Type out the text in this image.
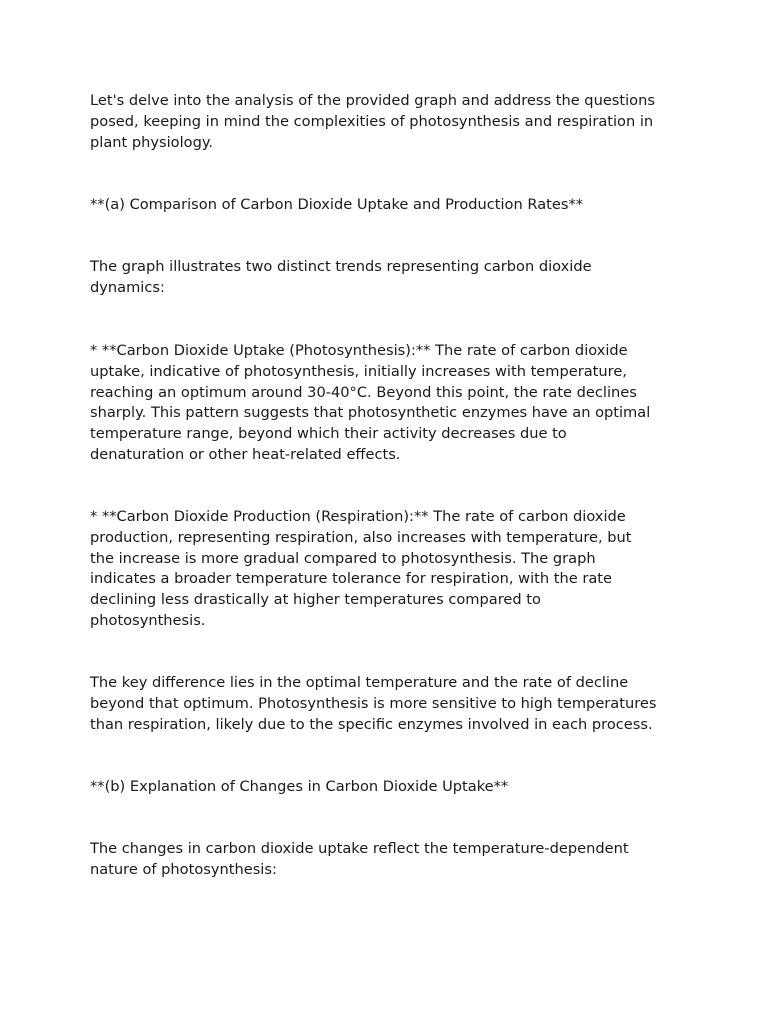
Let's delve into the analysis of the provided graph and address the questions
posed, keeping in mind the complexities of photosynthesis and respiration in
plant physiology.

**(a) Comparison of Carbon Dioxide Uptake and Production Rates**

The graph illustrates two distinct trends representing carbon dioxide
dynamics:

* **Carbon Dioxide Uptake (Photosynthesis):** The rate of carbon dioxide
uptake, indicative of photosynthesis, initially increases with temperature,
reaching an optimum around 30-40°C. Beyond this point, the rate declines
sharply. This pattern suggests that photosynthetic enzymes have an optimal
temperature range, beyond which their activity decreases due to
denaturation or other heat-related effects.

* **Carbon Dioxide Production (Respiration):** The rate of carbon dioxide
production, representing respiration, also increases with temperature, but
the increase is more gradual compared to photosynthesis. The graph
indicates a broader temperature tolerance for respiration, with the rate
declining less drastically at higher temperatures compared to
photosynthesis.

The key difference lies in the optimal temperature and the rate of decline
beyond that optimum. Photosynthesis is more sensitive to high temperatures
than respiration, likely due to the specific enzymes involved in each process.

**(b) Explanation of Changes in Carbon Dioxide Uptake**

The changes in carbon dioxide uptake reflect the temperature-dependent
nature of photosynthesis:
